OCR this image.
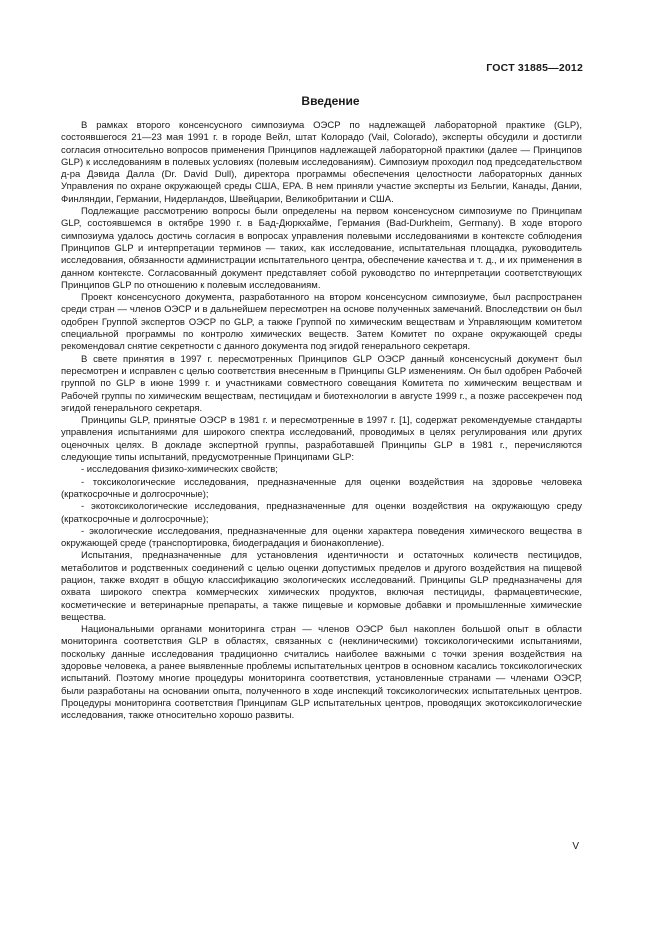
ГОСТ 31885—2012
Введение

В рамках второго консенсусного симпозиума ОЭСР по надлежащей лабораторной практике (GLP), состоявшегося 21—23 мая 1991 г. в городе Вейл, штат Колорадо (Vail, Colorado), эксперты обсудили и достигли согласия относительно вопросов применения Принципов надлежащей лабораторной практики (далее — Принципов GLP) к исследованиям в полевых условиях (полевым исследованиям). Симпозиум проходил под председательством д-ра Дэвида Далла (Dr. David Dull), директора программы обеспечения целостности лабораторных данных Управления по охране окружающей среды США, ЕРА. В нем приняли участие эксперты из Бельгии, Канады, Дании, Финляндии, Германии, Нидерландов, Швейцарии, Великобритании и США.

Подлежащие рассмотрению вопросы были определены на первом консенсусном симпозиуме по Принципам GLP, состоявшемся в октябре 1990 г. в Бад-Дюркхайме, Германия (Bad-Durkheim, Germany). В ходе второго симпозиума удалось достичь согласия в вопросах управления полевыми исследованиями в контексте соблюдения Принципов GLP и интерпретации терминов — таких, как исследование, испытательная площадка, руководитель исследования, обязанности администрации испытательного центра, обеспечение качества и т. д., и их применения в данном контексте. Согласованный документ представляет собой руководство по интерпретации соответствующих Принципов GLP по отношению к полевым исследованиям.

Проект консенсусного документа, разработанного на втором консенсусном симпозиуме, был распространен среди стран — членов ОЭСР и в дальнейшем пересмотрен на основе полученных замечаний. Впоследствии он был одобрен Группой экспертов ОЭСР по GLP, а также Группой по химическим веществам и Управляющим комитетом специальной программы по контролю химических веществ. Затем Комитет по охране окружающей среды рекомендовал снятие секретности с данного документа под эгидой генерального секретаря.

В свете принятия в 1997 г. пересмотренных Принципов GLP ОЭСР данный консенсусный документ был пересмотрен и исправлен с целью соответствия внесенным в Принципы GLP изменениям. Он был одобрен Рабочей группой по GLP в июне 1999 г. и участниками совместного совещания Комитета по химическим веществам и Рабочей группы по химическим веществам, пестицидам и биотехнологии в августе 1999 г., а позже рассекречен под эгидой генерального секретаря.

Принципы GLP, принятые ОЭСР в 1981 г. и пересмотренные в 1997 г. [1], содержат рекомендуемые стандарты управления испытаниями для широкого спектра исследований, проводимых в целях регулирования или других оценочных целях. В докладе экспертной группы, разработавшей Принципы GLP в 1981 г., перечисляются следующие типы испытаний, предусмотренные Принципами GLP:

- исследования физико-химических свойств;

- токсикологические исследования, предназначенные для оценки воздействия на здоровье человека (краткосрочные и долгосрочные);

- экотоксикологические исследования, предназначенные для оценки воздействия на окружающую среду (краткосрочные и долгосрочные);

- экологические исследования, предназначенные для оценки характера поведения химического вещества в окружающей среде (транспортировка, биодеградация и бионакопление).

Испытания, предназначенные для установления идентичности и остаточных количеств пестицидов, метаболитов и родственных соединений с целью оценки допустимых пределов и другого воздействия на пищевой рацион, также входят в общую классификацию экологических исследований. Принципы GLP предназначены для охвата широкого спектра коммерческих химических продуктов, включая пестициды, фармацевтические, косметические и ветеринарные препараты, а также пищевые и кормовые добавки и промышленные химические вещества.

Национальными органами мониторинга стран — членов ОЭСР был накоплен большой опыт в области мониторинга соответствия GLP в областях, связанных с (неклиническими) токсикологическими испытаниями, поскольку данные исследования традиционно считались наиболее важными с точки зрения воздействия на здоровье человека, а ранее выявленные проблемы испытательных центров в основном касались токсикологических испытаний. Поэтому многие процедуры мониторинга соответствия, установленные странами — членами ОЭСР, были разработаны на основании опыта, полученного в ходе инспекций токсикологических испытательных центров. Процедуры мониторинга соответствия Принципам GLP испытательных центров, проводящих экотоксикологические исследования, также относительно хорошо развиты.

V
